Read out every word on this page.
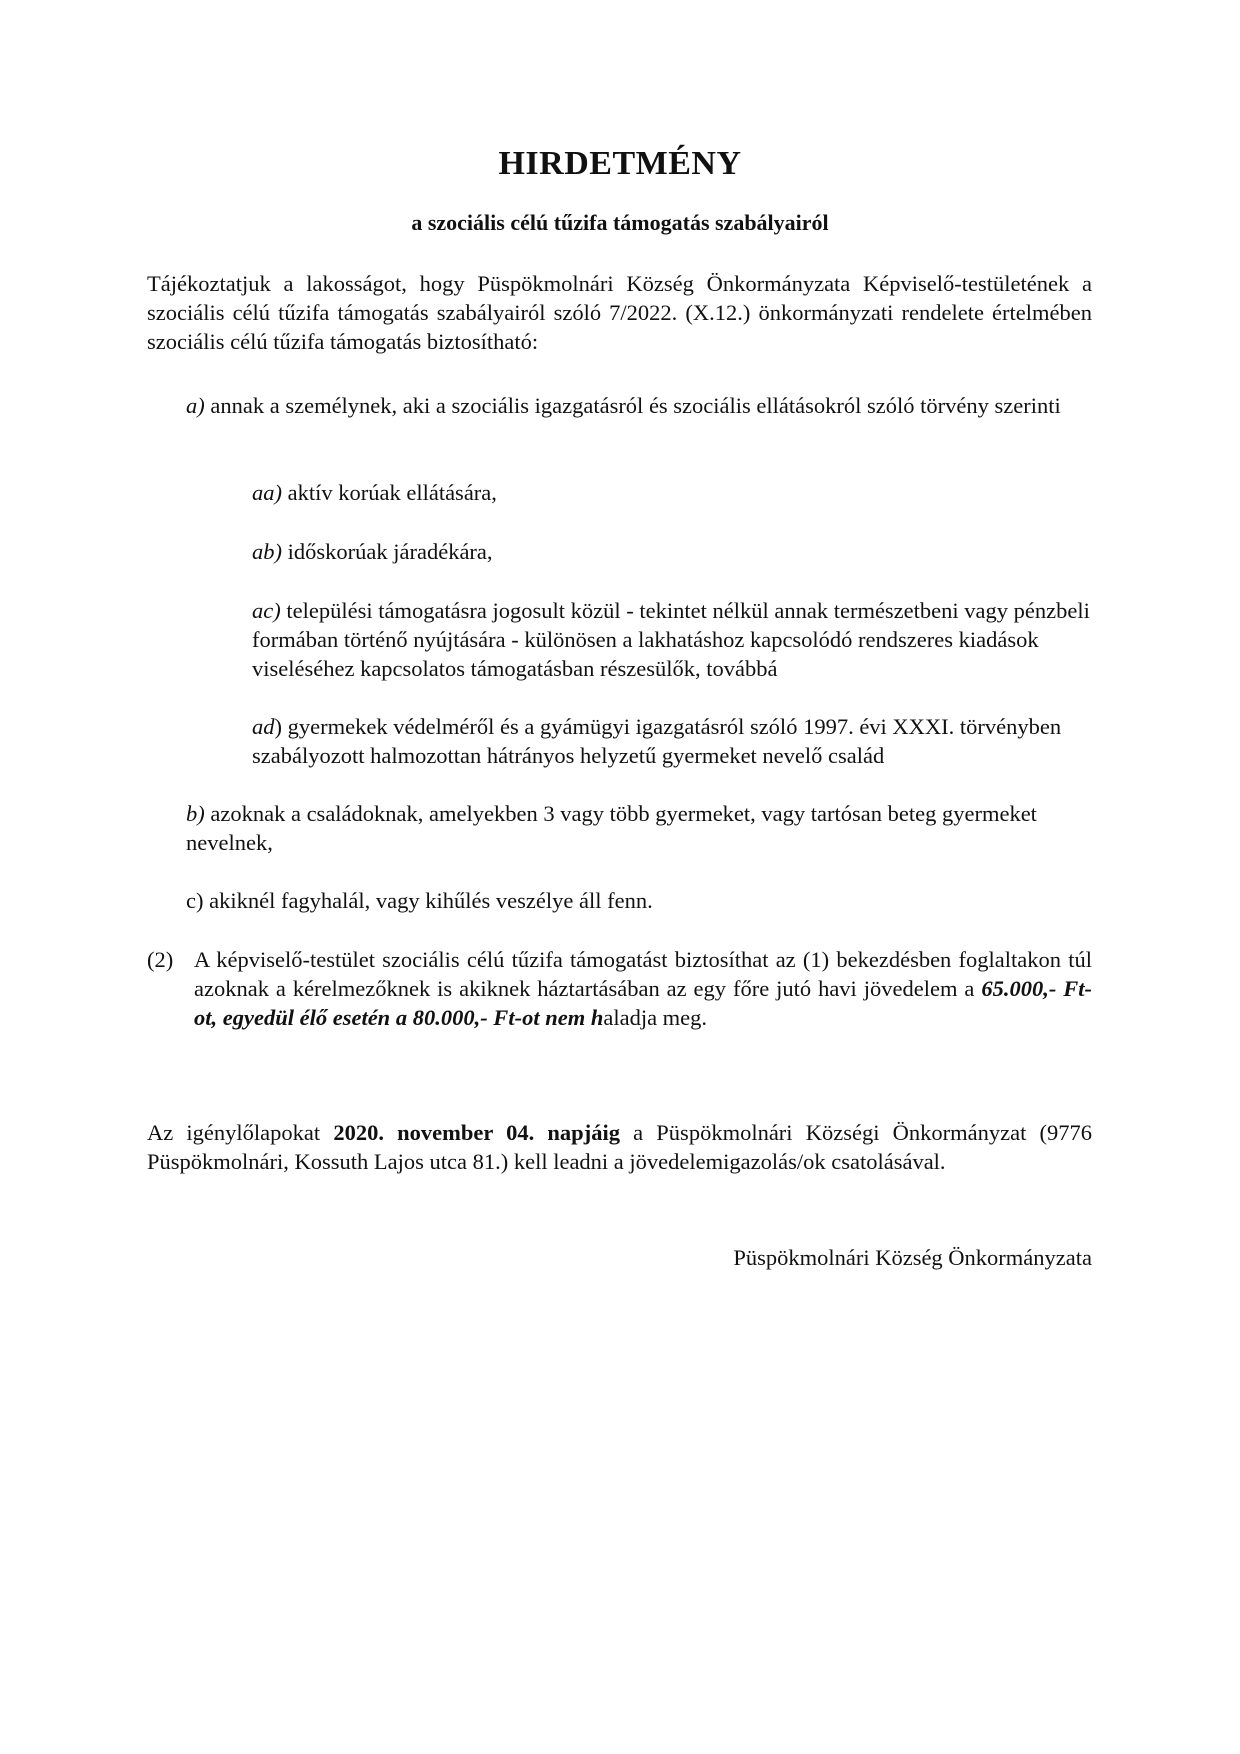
HIRDETMÉNY
a szociális célú tűzifa támogatás szabályairól
Tájékoztatjuk a lakosságot, hogy Püspökmolnári Község Önkormányzata Képviselő-testületének a szociális célú tűzifa támogatás szabályairól szóló 7/2022. (X.12.) önkormányzati rendelete értelmében szociális célú tűzifa támogatás biztosítható:
a) annak a személynek, aki a szociális igazgatásról és szociális ellátásokról szóló törvény szerinti
aa) aktív korúak ellátására,
ab) időskorúak járadékára,
ac) települési támogatásra jogosult közül - tekintet nélkül annak természetbeni vagy pénzbeli formában történő nyújtására - különösen a lakhatáshoz kapcsolódó rendszeres kiadások viseléséhez kapcsolatos támogatásban részesülők, továbbá
ad) gyermekek védelméről és a gyámügyi igazgatásról szóló 1997. évi XXXI. törvényben szabályozott halmozottan hátrányos helyzetű gyermeket nevelő család
b) azoknak a családoknak, amelyekben 3 vagy több gyermeket, vagy tartósan beteg gyermeket nevelnek,
c) akiknél fagyhalál, vagy kihűlés veszélye áll fenn.
(2) A képviselő-testület szociális célú tűzifa támogatást biztosíthat az (1) bekezdésben foglaltakon túl azoknak a kérelmezőknek is akiknek háztartásában az egy főre jutó havi jövedelem a 65.000,- Ft-ot, egyedül élő esetén a 80.000,- Ft-ot nem haladja meg.
Az igénylőlapokat 2020. november 04. napjáig a Püspökmolnári Községi Önkormányzat (9776 Püspökmolnári, Kossuth Lajos utca 81.) kell leadni a jövedelemigazolás/ok csatolásával.
Püspökmolnári Község Önkormányzata
